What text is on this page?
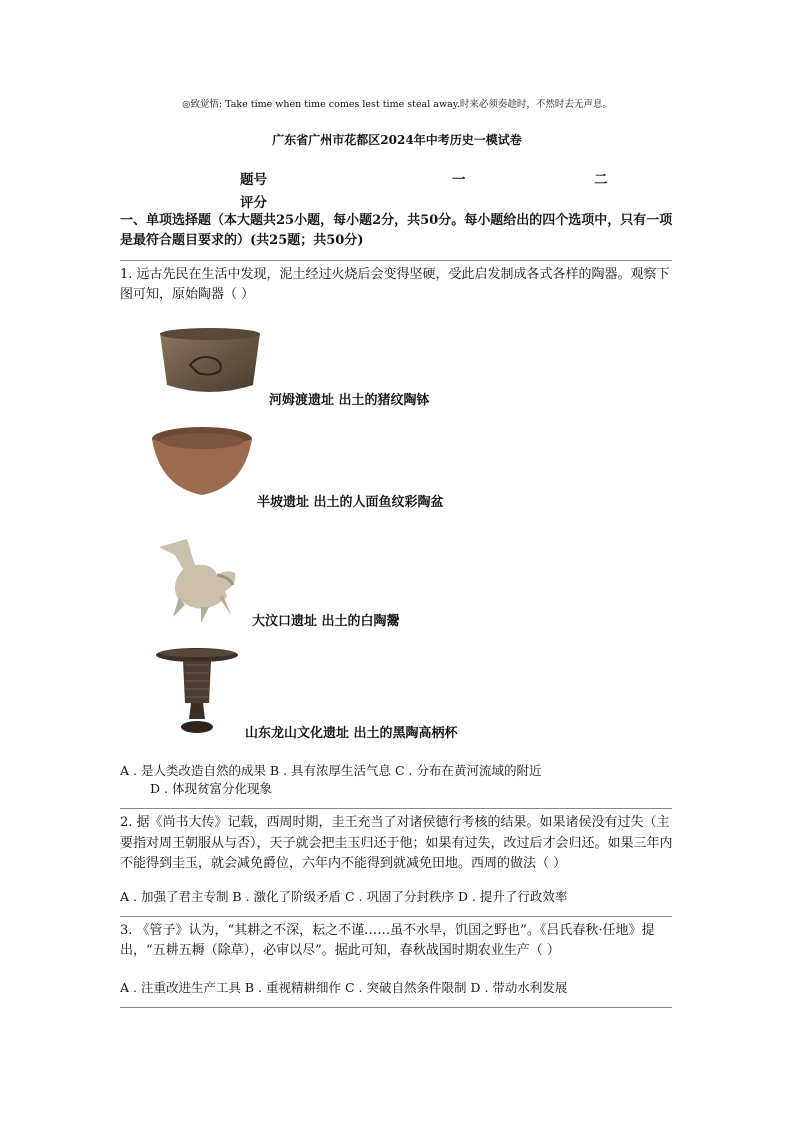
◎致觉悟: Take time when time comes lest time steal away.时来必须奏趁时，不然时去无声息。
广东省广州市花都区2024年中考历史一模试卷
题号	一	二
评分
一、单项选择题（本大题共25小题，每小题2分，共50分。每小题给出的四个选项中，只有一项是最符合题目要求的）(共25题；共50分)
1. 远古先民在生活中发现，泥土经过火烧后会变得坚硬，受此启发制成各式各样的陶器。观察下图可知，原始陶器（ ）
河姆渡遗址 出土的猪纹陶钵
半坡遗址 出土的人面鱼纹彩陶盆
大汶口遗址 出土的白陶鬶
山东龙山文化遗址 出土的黑陶高柄杯
A . 是人类改造自然的成果 B . 具有浓厚生活气息 C . 分布在黄河流域的附近
D . 体现贫富分化现象
2. 据《尚书大传》记载，西周时期，圭王充当了对诸侯德行考核的结果。如果诸侯没有过失（主要指对周王朝服从与否），天子就会把圭玉归还于他；如果有过失，改过后才会归还。如果三年内不能得到圭玉，就会减免爵位，六年内不能得到就减免田地。西周的做法（ ）
A . 加强了君主专制 B . 激化了阶级矛盾 C . 巩固了分封秩序 D . 提升了行政效率
3. 《管子》认为，“其耕之不深，耘之不谨……虽不水旱，饥国之野也”。《吕氏春秋·任地》提出，“五耕五耨（除草），必审以尽”。据此可知，春秋战国时期农业生产（ ）
A . 注重改进生产工具 B . 重视精耕细作 C . 突破自然条件限制 D . 带动水利发展
